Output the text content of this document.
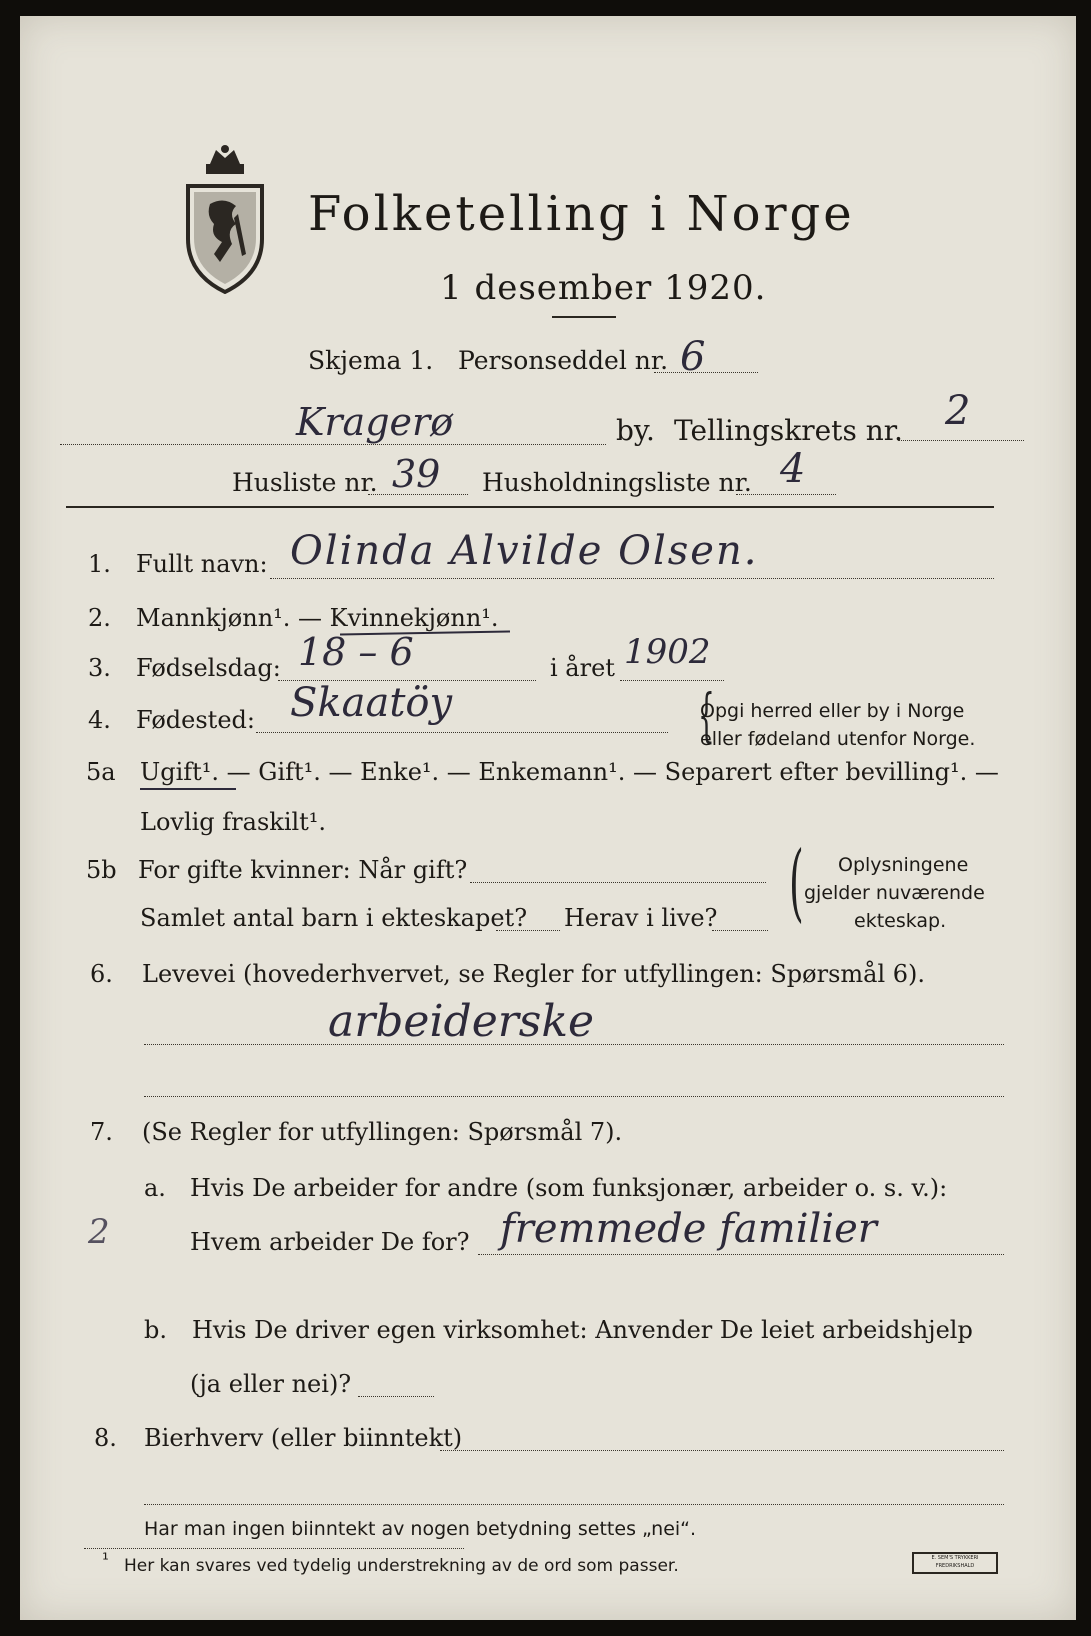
Folketelling i Norge
1 desember 1920.
Skjema 1. Personseddel nr. 6
Kragerø	by. Tellingskrets nr. 2
Husliste nr. 39 Husholdningsliste nr. 4
1. Fullt navn: Olinda Alvilde Olsen.
2. Mannkjønn¹. — Kvinnekjønn¹.
3. Fødselsdag: 18 – 6	i året 1902
4. Fødested: Skaatöy	{
Opgi herred eller by i Norge
eller fødeland utenfor Norge.
5a Ugift¹. — Gift¹. — Enke¹. — Enkemann¹. — Separert efter bevilling¹. —
Lovlig fraskilt¹.
5b For gifte kvinner: Når gift?
Samlet antal barn i ekteskapet? Herav i live? ( Oplysningene
gjelder nuværende
ekteskap.
6. Levevei (hovederhvervet, se Regler for utfyllingen: Spørsmål 6).
arbeiderske
7. (Se Regler for utfyllingen: Spørsmål 7).
a. Hvis De arbeider for andre (som funksjonær, arbeider o. s. v.):
2	Hvem arbeider De for? fremmede familier
b. Hvis De driver egen virksomhet: Anvender De leiet arbeidshjelp
(ja eller nei)?
8. Bierhverv (eller biinntekt)
Har man ingen biinntekt av nogen betydning settes „nei“.
¹ Her kan svares ved tydelig understrekning av de ord som passer.	E. SEM'S TRYKKERI FREDRIKSHALD
